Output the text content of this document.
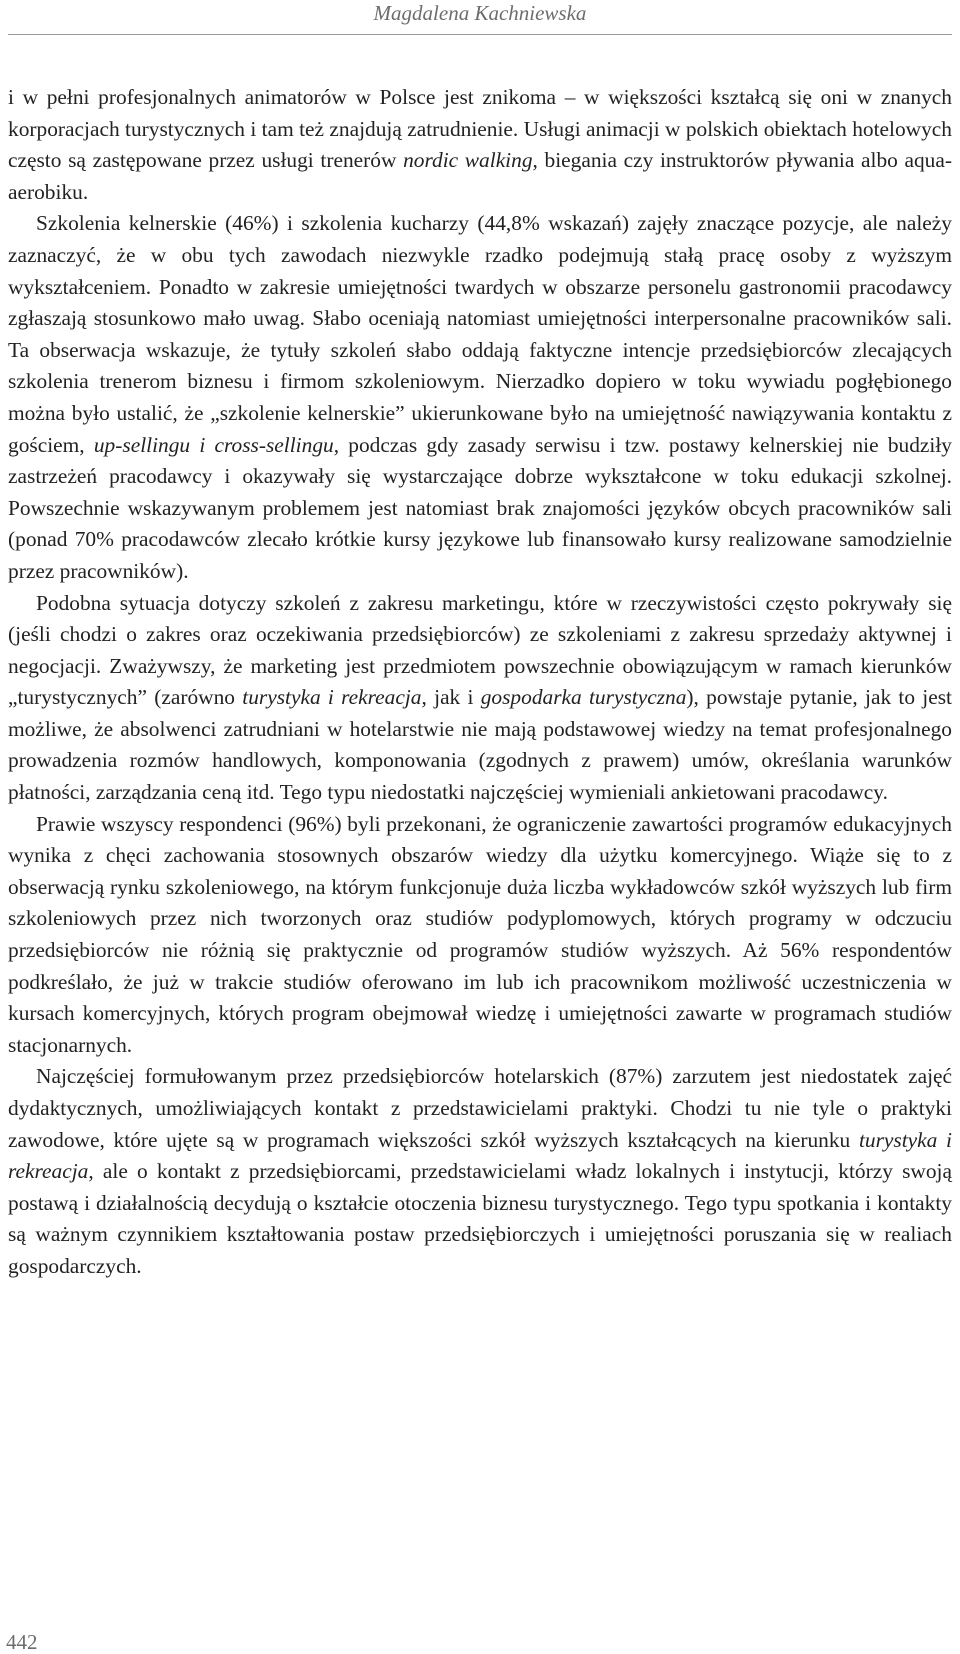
Magdalena Kachniewska

i w pełni profesjonalnych animatorów w Polsce jest znikoma – w większości kształcą się oni w znanych korporacjach turystycznych i tam też znajdują zatrudnienie. Usługi animacji w polskich obiektach hotelowych często są zastępowane przez usługi trenerów nordic walking, biegania czy instruktorów pływania albo aqua-aerobiku.

Szkolenia kelnerskie (46%) i szkolenia kucharzy (44,8% wskazań) zajęły znaczące pozycje, ale należy zaznaczyć, że w obu tych zawodach niezwykle rzadko podejmują stałą pracę osoby z wyższym wykształceniem. Ponadto w zakresie umiejętności twardych w obszarze personelu gastronomii pracodawcy zgłaszają stosunkowo mało uwag. Słabo oceniają natomiast umiejętności interpersonalne pracowników sali. Ta obserwacja wskazuje, że tytuły szkoleń słabo oddają faktyczne intencje przedsiębiorców zlecających szkolenia trenerom biznesu i firmom szkoleniowym. Nierzadko dopiero w toku wywiadu pogłębionego można było ustalić, że „szkolenie kelnerskie” ukierunkowane było na umiejętność nawiązywania kontaktu z gościem, up-sellingu i cross-sellingu, podczas gdy zasady serwisu i tzw. postawy kelnerskiej nie budziły zastrzeżeń pracodawcy i okazywały się wystarczające dobrze wykształcone w toku edukacji szkolnej. Powszechnie wskazywanym problemem jest natomiast brak znajomości języków obcych pracowników sali (ponad 70% pracodawców zlecało krótkie kursy językowe lub finansowało kursy realizowane samodzielnie przez pracowników).

Podobna sytuacja dotyczy szkoleń z zakresu marketingu, które w rzeczywistości często pokrywały się (jeśli chodzi o zakres oraz oczekiwania przedsiębiorców) ze szkoleniami z zakresu sprzedaży aktywnej i negocjacji. Zważywszy, że marketing jest przedmiotem powszechnie obowiązującym w ramach kierunków „turystycznych” (zarówno turystyka i rekreacja, jak i gospodarka turystyczna), powstaje pytanie, jak to jest możliwe, że absolwenci zatrudniani w hotelarstwie nie mają podstawowej wiedzy na temat profesjonalnego prowadzenia rozmów handlowych, komponowania (zgodnych z prawem) umów, określania warunków płatności, zarządzania ceną itd. Tego typu niedostatki najczęściej wymieniali ankietowani pracodawcy.

Prawie wszyscy respondenci (96%) byli przekonani, że ograniczenie zawartości programów edukacyjnych wynika z chęci zachowania stosownych obszarów wiedzy dla użytku komercyjnego. Wiąże się to z obserwacją rynku szkoleniowego, na którym funkcjonuje duża liczba wykładowców szkół wyższych lub firm szkoleniowych przez nich tworzonych oraz studiów podyplomowych, których programy w odczuciu przedsiębiorców nie różnią się praktycznie od programów studiów wyższych. Aż 56% respondentów podkreślało, że już w trakcie studiów oferowano im lub ich pracownikom możliwość uczestniczenia w kursach komercyjnych, których program obejmował wiedzę i umiejętności zawarte w programach studiów stacjonarnych.

Najczęściej formułowanym przez przedsiębiorców hotelarskich (87%) zarzutem jest niedostatek zajęć dydaktycznych, umożliwiających kontakt z przedstawicielami praktyki. Chodzi tu nie tyle o praktyki zawodowe, które ujęte są w programach większości szkół wyższych kształcących na kierunku turystyka i rekreacja, ale o kontakt z przedsiębiorcami, przedstawicielami władz lokalnych i instytucji, którzy swoją postawą i działalnością decydują o kształcie otoczenia biznesu turystycznego. Tego typu spotkania i kontakty są ważnym czynnikiem kształtowania postaw przedsiębiorczych i umiejętności poruszania się w realiach gospodarczych.

442
